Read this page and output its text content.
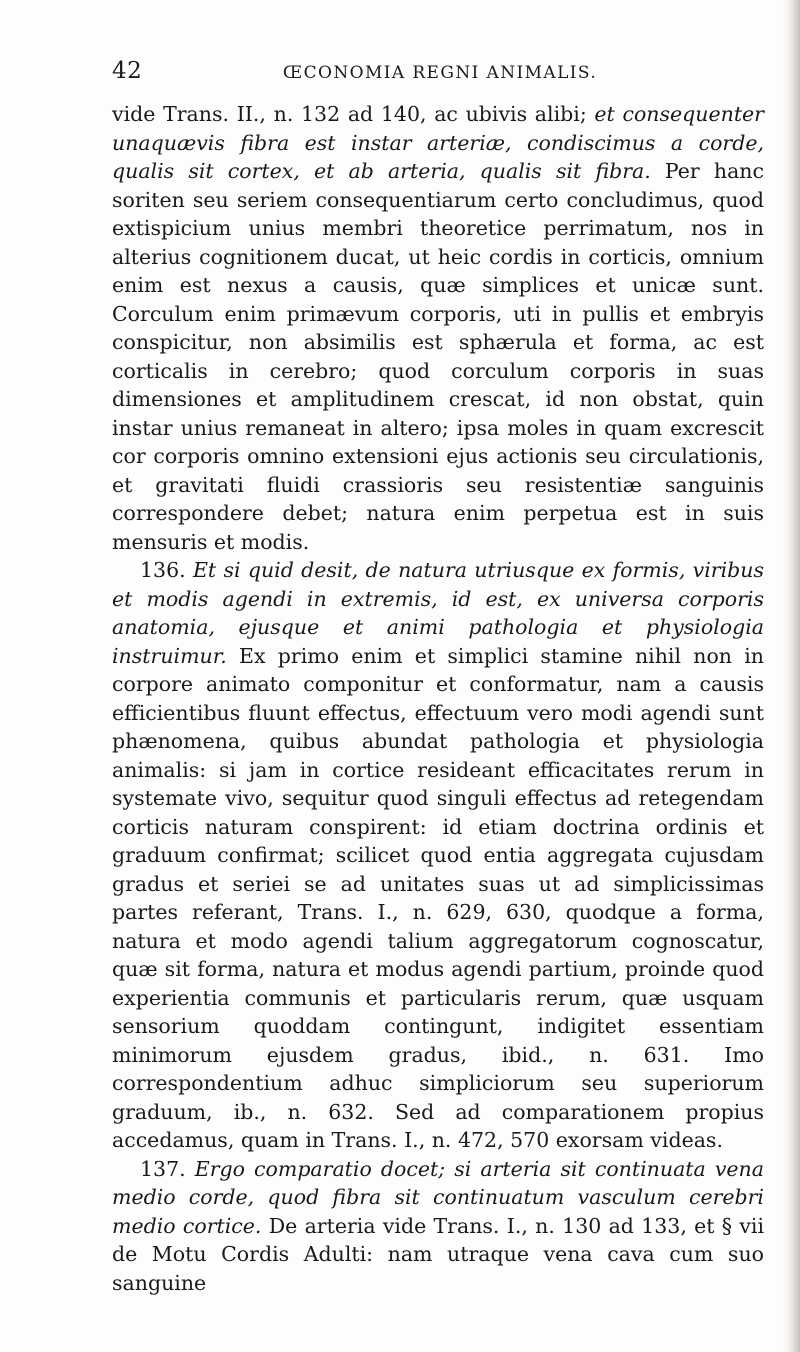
42	ŒCONOMIA REGNI ANIMALIS.

vide Trans. II., n. 132 ad 140, ac ubivis alibi; et consequenter unaquævis fibra est instar arteriæ, condiscimus a corde, qualis sit cortex, et ab arteria, qualis sit fibra. Per hanc soriten seu seriem consequentiarum certo concludimus, quod extispicium unius membri theoretice perrimatum, nos in alterius cognitionem ducat, ut heic cordis in corticis, omnium enim est nexus a causis, quæ simplices et unicæ sunt. Corculum enim primævum corporis, uti in pullis et embryis conspicitur, non absimilis est sphærula et forma, ac est corticalis in cerebro; quod corculum corporis in suas dimensiones et amplitudinem crescat, id non obstat, quin instar unius remaneat in altero; ipsa moles in quam excrescit cor corporis omnino extensioni ejus actionis seu circulationis, et gravitati fluidi crassioris seu resistentiæ sanguinis correspondere debet; natura enim perpetua est in suis mensuris et modis.

136. Et si quid desit, de natura utriusque ex formis, viribus et modis agendi in extremis, id est, ex universa corporis anatomia, ejusque et animi pathologia et physiologia instruimur. Ex primo enim et simplici stamine nihil non in corpore animato componitur et conformatur, nam a causis efficientibus fluunt effectus, effectuum vero modi agendi sunt phænomena, quibus abundat pathologia et physiologia animalis: si jam in cortice resideant efficacitates rerum in systemate vivo, sequitur quod singuli effectus ad retegendam corticis naturam conspirent: id etiam doctrina ordinis et graduum confirmat; scilicet quod entia aggregata cujusdam gradus et seriei se ad unitates suas ut ad simplicissimas partes referant, Trans. I., n. 629, 630, quodque a forma, natura et modo agendi talium aggregatorum cognoscatur, quæ sit forma, natura et modus agendi partium, proinde quod experientia communis et particularis rerum, quæ usquam sensorium quoddam contingunt, indigitet essentiam minimorum ejusdem gradus, ibid., n. 631. Imo correspondentium adhuc simpliciorum seu superiorum graduum, ib., n. 632. Sed ad comparationem propius accedamus, quam in Trans. I., n. 472, 570 exorsam videas.

137. Ergo comparatio docet; si arteria sit continuata vena medio corde, quod fibra sit continuatum vasculum cerebri medio cortice. De arteria vide Trans. I., n. 130 ad 133, et § vii de Motu Cordis Adulti: nam utraque vena cava cum suo sanguine
